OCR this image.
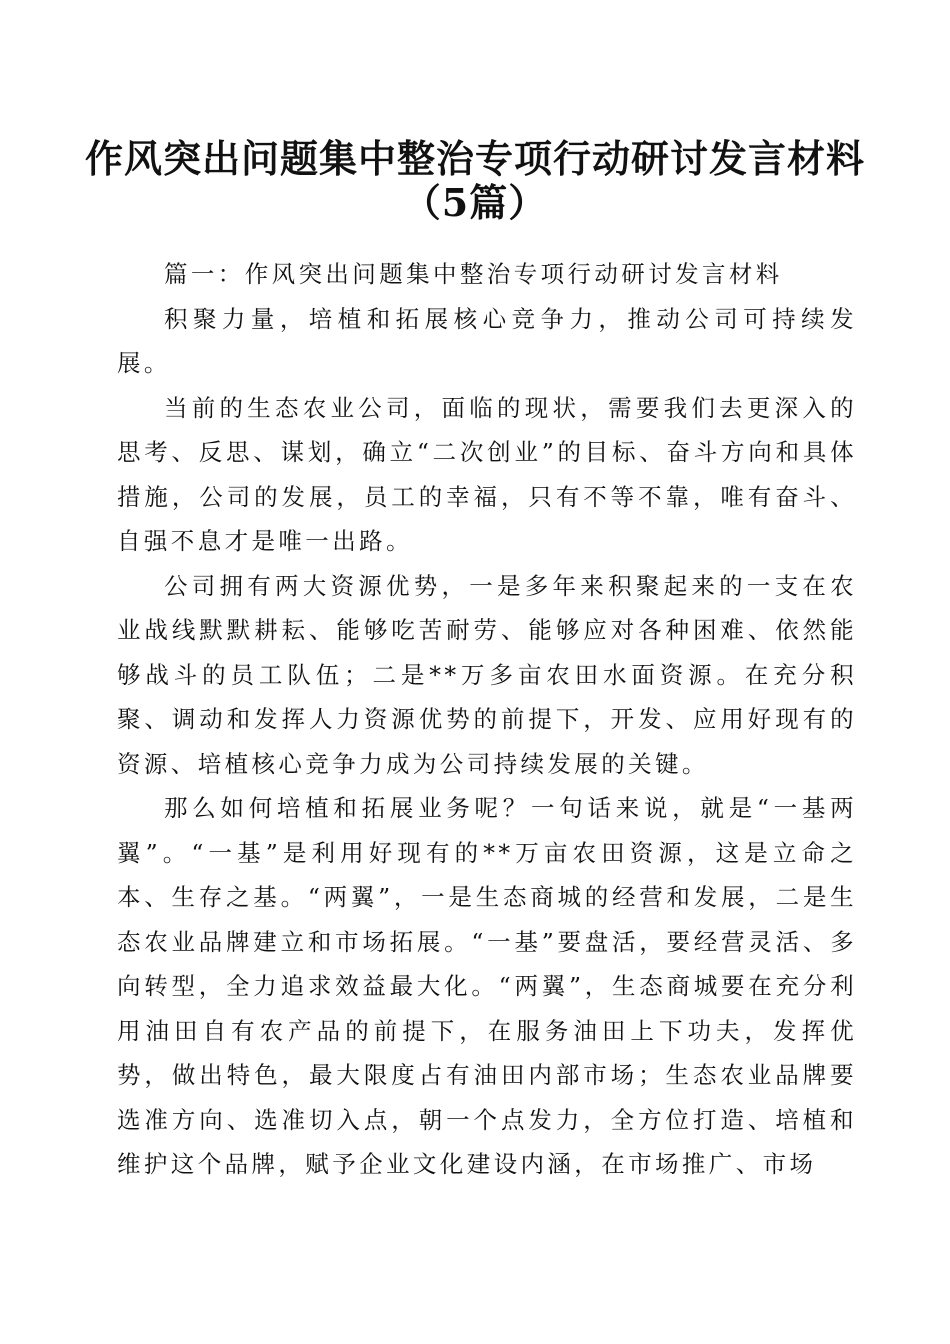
作风突出问题集中整治专项行动研讨发言材料
（5篇）

篇一：作风突出问题集中整治专项行动研讨发言材料

积聚力量，培植和拓展核心竞争力，推动公司可持续发展。

当前的生态农业公司，面临的现状，需要我们去更深入的思考、反思、谋划，确立“二次创业”的目标、奋斗方向和具体措施，公司的发展，员工的幸福，只有不等不靠，唯有奋斗、自强不息才是唯一出路。

公司拥有两大资源优势，一是多年来积聚起来的一支在农业战线默默耕耘、能够吃苦耐劳、能够应对各种困难、依然能够战斗的员工队伍；二是**万多亩农田水面资源。在充分积聚、调动和发挥人力资源优势的前提下，开发、应用好现有的资源、培植核心竞争力成为公司持续发展的关键。

那么如何培植和拓展业务呢？一句话来说，就是“一基两翼”。“一基”是利用好现有的**万亩农田资源，这是立命之本、生存之基。“两翼”，一是生态商城的经营和发展，二是生态农业品牌建立和市场拓展。“一基”要盘活，要经营灵活、多向转型，全力追求效益最大化。“两翼”，生态商城要在充分利用油田自有农产品的前提下，在服务油田上下功夫，发挥优势，做出特色，最大限度占有油田内部市场；生态农业品牌要选准方向、选准切入点，朝一个点发力，全方位打造、培植和维护这个品牌，赋予企业文化建设内涵，在市场推广、市场
